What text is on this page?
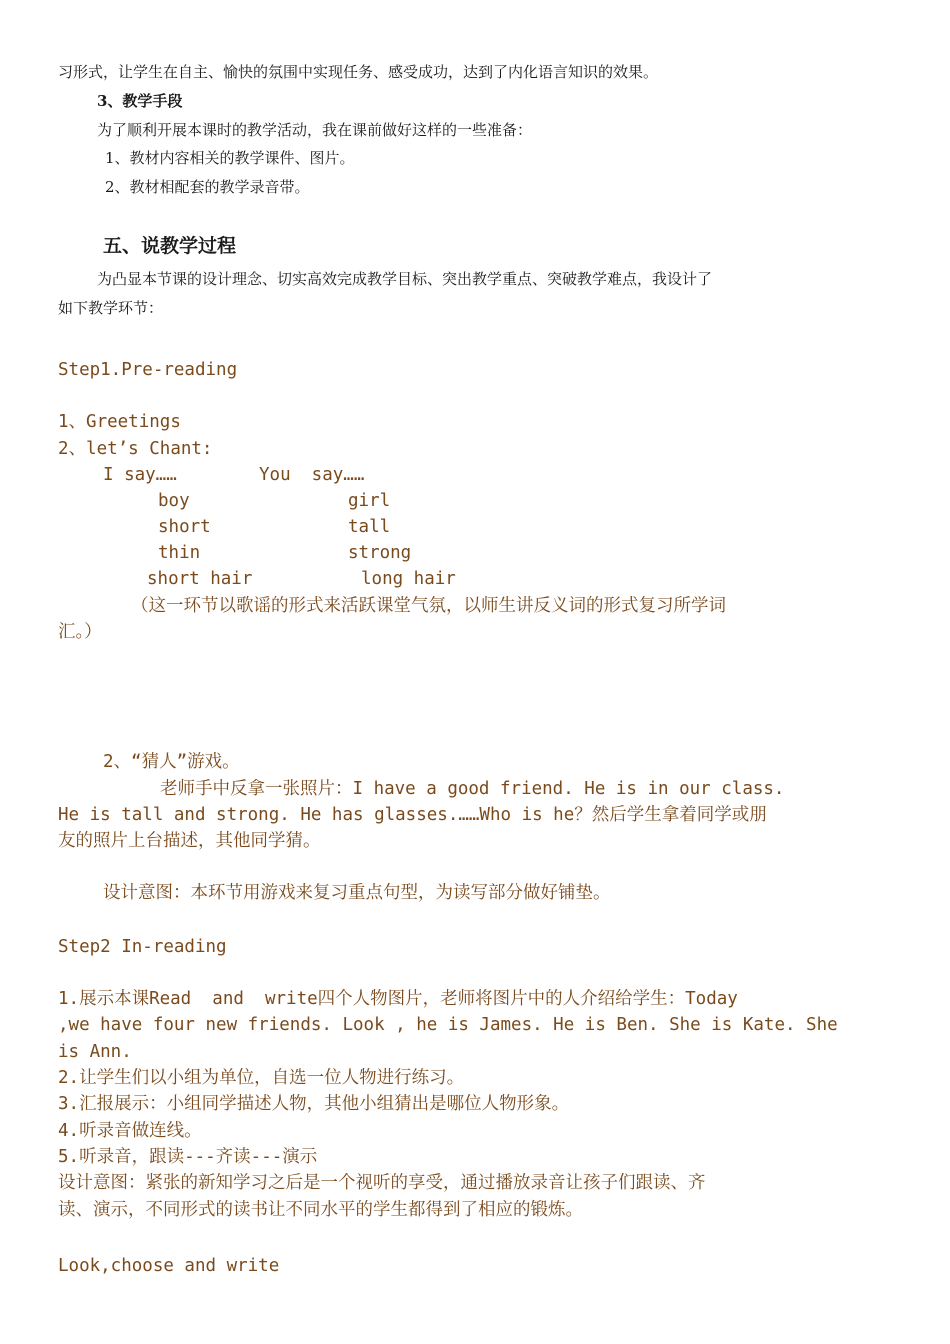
习形式，让学生在自主、愉快的氛围中实现任务、感受成功，达到了内化语言知识的效果。
3、教学手段
为了顺利开展本课时的教学活动，我在课前做好这样的一些准备：
1、教材内容相关的教学课件、图片。
2、教材相配套的教学录音带。
五、说教学过程
为凸显本节课的设计理念、切实高效完成教学目标、突出教学重点、突破教学难点，我设计了
如下教学环节：
Step1.Pre-reading
1、Greetings
2、let’s Chant:
I say……	You  say……
boy	girl
short	tall
thin	strong
short hair	long hair
（这一环节以歌谣的形式来活跃课堂气氛，以师生讲反义词的形式复习所学词
汇。）
2、“猜人”游戏。
老师手中反拿一张照片：I have a good friend. He is in our class.
He is tall and strong. He has glasses.……Who is he？然后学生拿着同学或朋
友的照片上台描述，其他同学猜。
设计意图：本环节用游戏来复习重点句型，为读写部分做好铺垫。
Step2 In-reading
1.展示本课Read  and  write四个人物图片，老师将图片中的人介绍给学生：Today
,we have four new friends. Look , he is James. He is Ben. She is Kate. She
is Ann.
2.让学生们以小组为单位，自选一位人物进行练习。
3.汇报展示：小组同学描述人物，其他小组猜出是哪位人物形象。
4.听录音做连线。
5.听录音，跟读---齐读---演示
设计意图：紧张的新知学习之后是一个视听的享受，通过播放录音让孩子们跟读、齐
读、演示，不同形式的读书让不同水平的学生都得到了相应的锻炼。
Look,choose and write
